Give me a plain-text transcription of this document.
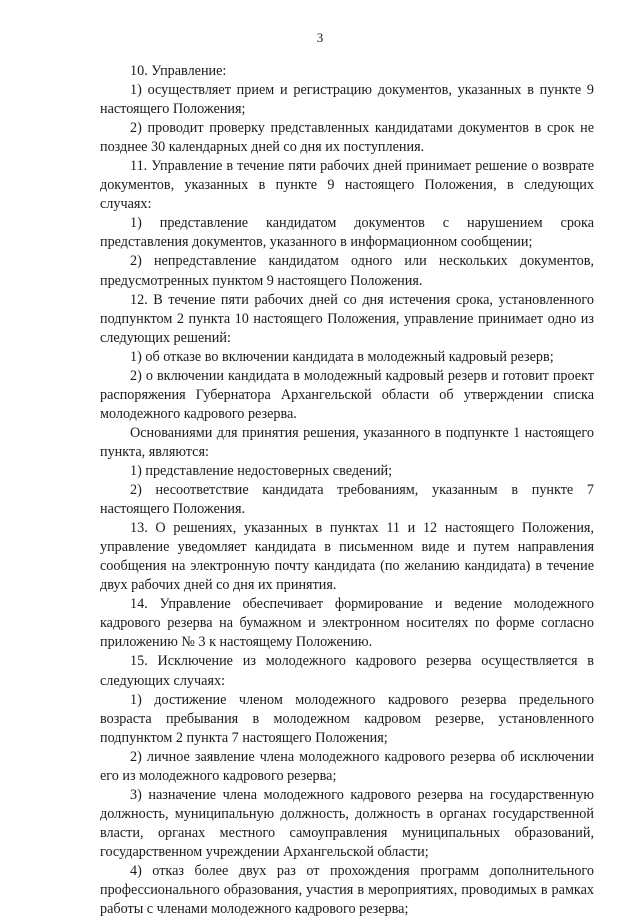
3

10. Управление:

1) осуществляет прием и регистрацию документов, указанных в пункте 9 настоящего Положения;

2) проводит проверку представленных кандидатами документов в срок не позднее 30 календарных дней со дня их поступления.

11. Управление в течение пяти рабочих дней принимает решение о возврате документов, указанных в пункте 9 настоящего Положения, в следующих случаях:

1) представление кандидатом документов с нарушением срока представления документов, указанного в информационном сообщении;

2) непредставление кандидатом одного или нескольких документов, предусмотренных пунктом 9 настоящего Положения.

12. В течение пяти рабочих дней со дня истечения срока, установленного подпунктом 2 пункта 10 настоящего Положения, управление принимает одно из следующих решений:

1) об отказе во включении кандидата в молодежный кадровый резерв;

2) о включении кандидата в молодежный кадровый резерв и готовит проект распоряжения Губернатора Архангельской области об утверждении списка молодежного кадрового резерва.

Основаниями для принятия решения, указанного в подпункте 1 настоящего пункта, являются:

1) представление недостоверных сведений;

2) несоответствие кандидата требованиям, указанным в пункте 7 настоящего Положения.

13. О решениях, указанных в пунктах 11 и 12 настоящего Положения, управление уведомляет кандидата в письменном виде и путем направления сообщения на электронную почту кандидата (по желанию кандидата) в течение двух рабочих дней со дня их принятия.

14. Управление обеспечивает формирование и ведение молодежного кадрового резерва на бумажном и электронном носителях по форме согласно приложению № 3 к настоящему Положению.

15. Исключение из молодежного кадрового резерва осуществляется в следующих случаях:

1) достижение членом молодежного кадрового резерва предельного возраста пребывания в молодежном кадровом резерве, установленного подпунктом 2 пункта 7 настоящего Положения;

2) личное заявление члена молодежного кадрового резерва об исключении его из молодежного кадрового резерва;

3) назначение члена молодежного кадрового резерва на государственную должность, муниципальную должность, должность в органах государственной власти, органах местного самоуправления муниципальных образований, государственном учреждении Архангельской области;

4) отказ более двух раз от прохождения программ дополнительного профессионального образования, участия в мероприятиях, проводимых в рамках работы с членами молодежного кадрового резерва;
